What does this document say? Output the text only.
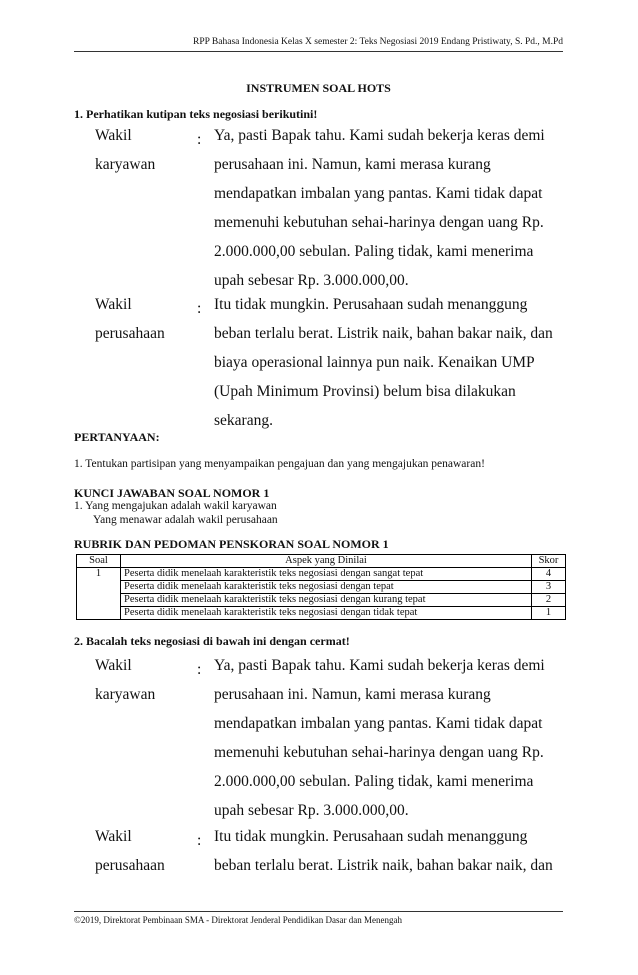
RPP Bahasa Indonesia Kelas X semester 2: Teks Negosiasi 2019 Endang Pristiwaty, S. Pd., M.Pd
INSTRUMEN SOAL HOTS
1. Perhatikan kutipan teks negosiasi berikutini!
Wakil
karyawan
: Ya, pasti Bapak tahu. Kami sudah bekerja keras demi
perusahaan ini. Namun, kami merasa kurang
mendapatkan imbalan yang pantas. Kami tidak dapat
memenuhi kebutuhan sehai-harinya dengan uang Rp.
2.000.000,00 sebulan. Paling tidak, kami menerima
upah sebesar Rp. 3.000.000,00.
Wakil
perusahaan
: Itu tidak mungkin. Perusahaan sudah menanggung
beban terlalu berat. Listrik naik, bahan bakar naik, dan
biaya operasional lainnya pun naik. Kenaikan UMP
(Upah Minimum Provinsi) belum bisa dilakukan
sekarang.
PERTANYAAN:
1. Tentukan partisipan yang menyampaikan pengajuan dan yang mengajukan penawaran!
KUNCI JAWABAN SOAL NOMOR 1
1. Yang mengajukan adalah wakil karyawan
Yang menawar adalah wakil perusahaan
RUBRIK DAN PEDOMAN PENSKORAN SOAL NOMOR 1
Soal	Aspek yang Dinilai	Skor
1	Peserta didik menelaah karakteristik teks negosiasi dengan sangat tepat	4
	Peserta didik menelaah karakteristik teks negosiasi dengan tepat	3
	Peserta didik menelaah karakteristik teks negosiasi dengan kurang tepat	2
	Peserta didik menelaah karakteristik teks negosiasi dengan tidak tepat	1
2. Bacalah teks negosiasi di bawah ini dengan cermat!
Wakil
karyawan
: Ya, pasti Bapak tahu. Kami sudah bekerja keras demi
perusahaan ini. Namun, kami merasa kurang
mendapatkan imbalan yang pantas. Kami tidak dapat
memenuhi kebutuhan sehai-harinya dengan uang Rp.
2.000.000,00 sebulan. Paling tidak, kami menerima
upah sebesar Rp. 3.000.000,00.
Wakil
perusahaan
: Itu tidak mungkin. Perusahaan sudah menanggung
beban terlalu berat. Listrik naik, bahan bakar naik, dan
©2019, Direktorat Pembinaan SMA - Direktorat Jenderal Pendidikan Dasar dan Menengah
